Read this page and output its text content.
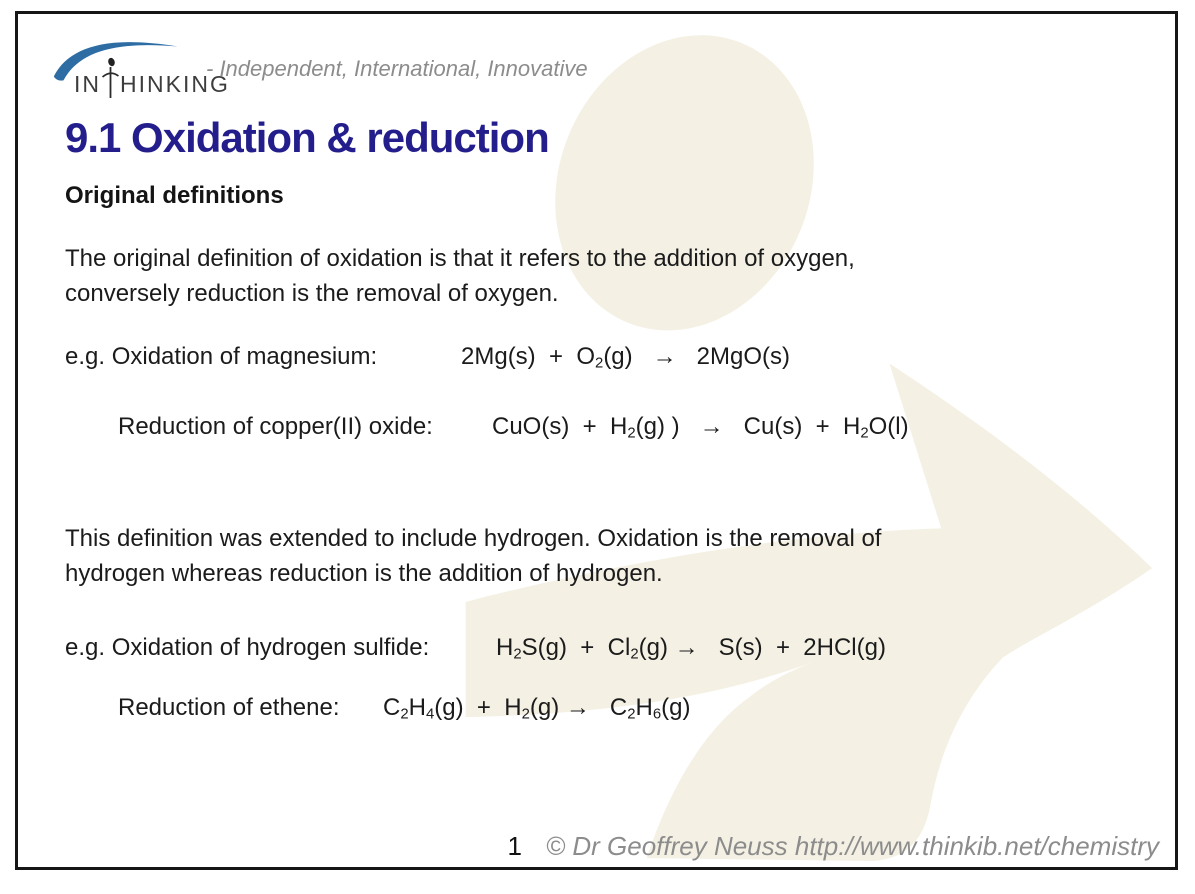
IN HINKING
- Independent, International, Innovative
9.1 Oxidation & reduction
Original definitions
The original definition of oxidation is that it refers to the addition of oxygen,
conversely reduction is the removal of oxygen.
e.g. Oxidation of magnesium:	$2Mg(s) + O_2(g) \to 2MgO(s)$
Reduction of copper(II) oxide: $CuO(s) + H_2(g)$ )   →   $Cu(s) + H_2O(l)$
This definition was extended to include hydrogen. Oxidation is the removal of
hydrogen whereas reduction is the addition of hydrogen.
e.g. Oxidation of hydrogen sulfide:	$H_2S(g) + Cl_2(g) \to S(s) + 2HCl(g)$
Reduction of ethene: $C_2H_4(g) + H_2(g) \to C_2H_6(g)$
1 © Dr Geoffrey Neuss http://www.thinkib.net/chemistry
